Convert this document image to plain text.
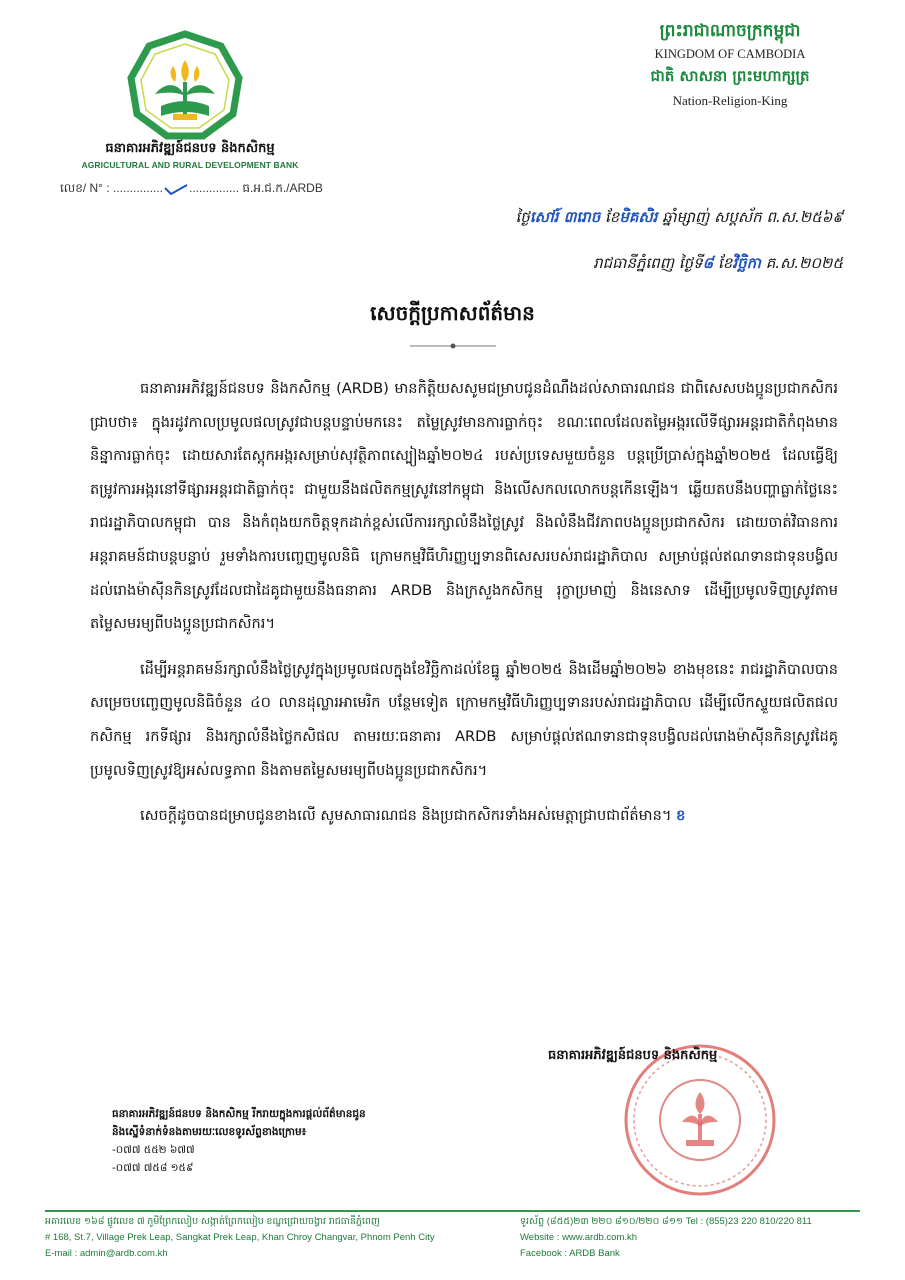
ធនាគារអភិវឌ្ឍន៍ជនបទ និងកសិកម្ម
AGRICULTURAL AND RURAL DEVELOPMENT BANK
លេខ/ N° : ............... ............... ធ.អ.ជ.ក./ARDB
ព្រះរាជាណាចក្រកម្ពុជា
KINGDOM OF CAMBODIA
ជាតិ សាសនា ព្រះមហាក្សត្រ
Nation-Religion-King
ថ្ងៃសៅរ៍ ៣រោច ខែមិគសិរ ឆ្នាំម្សាញ់ សប្តស័ក ព.ស.២៥៦៩
រាជធានីភ្នំពេញ ថ្ងៃទី៨ ខែវិច្ឆិកា គ.ស.២០២៥
សេចក្តីប្រកាសព័ត៌មាន

ធនាគារអភិវឌ្ឍន៍ជនបទ និងកសិកម្ម (ARDB) មានកិត្តិយសសូមជម្រាបជូនដំណឹងដល់សាធារណជន ជាពិសេសបងប្អូនប្រជាកសិករ ជ្រាបថា៖ ក្នុងរដូវកាលប្រមូលផលស្រូវជាបន្តបន្ទាប់មកនេះ តម្លៃស្រូវមានការធ្លាក់ចុះ ខណៈពេលដែលតម្លៃអង្ករលើទីផ្សារអន្តរជាតិកំពុងមាននិន្នាការធ្លាក់ចុះ ដោយសារតែស្តុកអង្ករសម្រាប់សុវត្ថិភាពស្បៀងឆ្នាំ២០២៤ របស់ប្រទេសមួយចំនួន បន្តប្រើប្រាស់ក្នុងឆ្នាំ២០២៥ ដែលធ្វើឱ្យតម្រូវការអង្ករនៅទីផ្សារអន្តរជាតិធ្លាក់ចុះ ជាមួយនឹងផលិតកម្មស្រូវនៅកម្ពុជា និងលើសកលលោកបន្តកើនឡើង។ ឆ្លើយតបនឹងបញ្ហាធ្លាក់ថ្លៃនេះ រាជរដ្ឋាភិបាលកម្ពុជា បាន និងកំពុងយកចិត្តទុកដាក់ខ្ពស់លើការរក្សាលំនឹងថ្លៃស្រូវ និងលំនឹងជីវភាពបងប្អូនប្រជាកសិករ ដោយចាត់វិធានការអន្តរាគមន៍ជាបន្តបន្ទាប់ រួមទាំងការបញ្ចេញមូលនិធិ ក្រោមកម្មវិធីហិរញ្ញប្បទានពិសេសរបស់រាជរដ្ឋាភិបាល សម្រាប់ផ្តល់ឥណទានជាទុនបង្វិលដល់រោងម៉ាស៊ីនកិនស្រូវដែលជាដៃគូជាមួយនឹងធនាគារ ARDB និងក្រសួងកសិកម្ម រុក្ខាប្រមាញ់ និងនេសាទ ដើម្បីប្រមូលទិញស្រូវតាមតម្លៃសមរម្យពីបងប្អូនប្រជាកសិករ។

ដើម្បីអន្តរាគមន៍រក្សាលំនឹងថ្លៃស្រូវក្នុងប្រមូលផលក្នុងខែវិច្ឆិកាដល់ខែធ្នូ ឆ្នាំ២០២៥ និងដើមឆ្នាំ២០២៦ ខាងមុខនេះ រាជរដ្ឋាភិបាលបានសម្រេចបញ្ចេញមូលនិធិចំនួន ៤០ លានដុល្លារអាមេរិក បន្ថែមទៀត ក្រោមកម្មវិធីហិរញ្ញប្បទានរបស់រាជរដ្ឋាភិបាល ដើម្បីលើកស្ទួយផលិតផលកសិកម្ម រកទីផ្សារ និងរក្សាលំនឹងថ្លៃកសិផល តាមរយៈធនាគារ ARDB សម្រាប់ផ្តល់ឥណទានជាទុនបង្វិលដល់រោងម៉ាស៊ីនកិនស្រូវដៃគូ ប្រមូលទិញស្រូវឱ្យអស់លទ្ធភាព និងតាមតម្លៃសមរម្យពីបងប្អូនប្រជាកសិករ។

សេចក្តីដូចបានជម្រាបជូនខាងលើ សូមសាធារណជន និងប្រជាកសិករទាំងអស់មេត្តាជ្រាបជាព័ត៌មាន។ ខ

ធនាគារអភិវឌ្ឍន៍ជនបទ និងកសិកម្ម
ធនាគារអភិវឌ្ឍន៍ជនបទ និងកសិកម្ម រីករាយក្នុងការផ្តល់ព័ត៌មានជូន
និងស្នើទំនាក់ទំនងតាមរយៈលេខទូរស័ព្ទខាងក្រោម៖
-០៧៧ ៥៥២ ៦៧៧
-០៧៧ ៧៥៨ ១៥៩
អគារលេខ ១៦៨ ផ្លូវលេខ ៧ ភូមិព្រែកលៀប សង្កាត់ព្រែកលៀប ខណ្ឌជ្រោយចង្វារ រាជធានីភ្នំពេញ
# 168, St.7, Village Prek Leap, Sangkat Prek Leap, Khan Chroy Changvar, Phnom Penh City
E-mail : admin@ardb.com.kh
ទូរស័ព្ទ (៨៥៥)២៣ ២២០ ៨១០/២២០ ៨១១ Tel : (855)23 220 810/220 811
Website : www.ardb.com.kh
Facebook : ARDB Bank
